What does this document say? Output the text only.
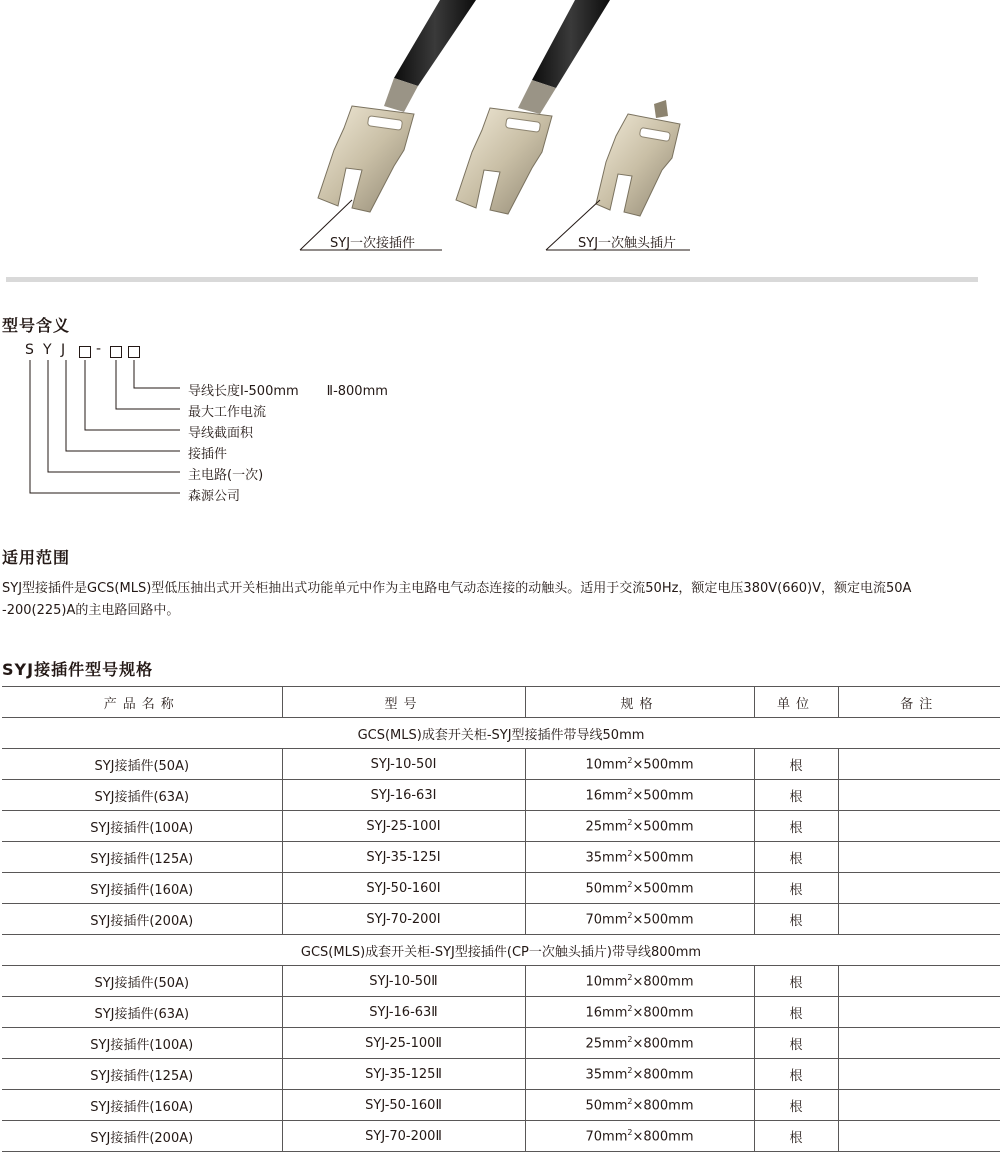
SYJ一次接插件	SYJ一次触头插片
型号含义
S Y J -
导线长度Ⅰ-500mm Ⅱ-800mm
最大工作电流
导线截面积
接插件
主电路(一次)
森源公司
适用范围
SYJ型接插件是GCS(MLS)型低压抽出式开关柜抽出式功能单元中作为主电路电气动态连接的动触头。适用于交流50Hz，额定电压380V(660)V，额定电流50A
-200(225)A的主电路回路中。
SYJ接插件型号规格
产品名称	型号	规格	单位	备注
GCS(MLS)成套开关柜-SYJ型接插件带导线50mm				
SYJ接插件(50A)	SYJ-10-50Ⅰ	$10mm^2\times 500mm$	根	
SYJ接插件(63A)	SYJ-16-63Ⅰ	$16mm^2\times 500mm$	根	
SYJ接插件(100A)	SYJ-25-100Ⅰ	$25mm^2\times 500mm$	根	
SYJ接插件(125A)	SYJ-35-125Ⅰ	$35mm^2\times 500mm$	根	
SYJ接插件(160A)	SYJ-50-160Ⅰ	$50mm^2\times 500mm$	根	
SYJ接插件(200A)	SYJ-70-200Ⅰ	$70mm^2\times 500mm$	根	
GCS(MLS)成套开关柜-SYJ型接插件(CP一次触头插片)带导线800mm				
SYJ接插件(50A)	SYJ-10-50Ⅱ	$10mm^2\times 800mm$	根	
SYJ接插件(63A)	SYJ-16-63Ⅱ	$16mm^2\times 800mm$	根	
SYJ接插件(100A)	SYJ-25-100Ⅱ	$25mm^2\times 800mm$	根	
SYJ接插件(125A)	SYJ-35-125Ⅱ	$35mm^2\times 800mm$	根	
SYJ接插件(160A)	SYJ-50-160Ⅱ	$50mm^2\times 800mm$	根	
SYJ接插件(200A)	SYJ-70-200Ⅱ	$70mm^2\times 800mm$	根	
